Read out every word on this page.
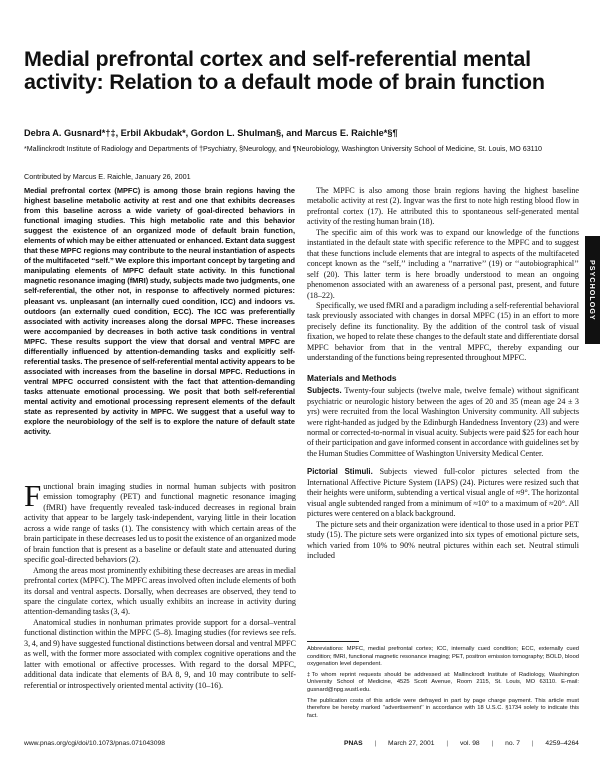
Medial prefrontal cortex and self-referential mental activity: Relation to a default mode of brain function
Debra A. Gusnard*†‡, Erbil Akbudak*, Gordon L. Shulman§, and Marcus E. Raichle*§¶
*Mallinckrodt Institute of Radiology and Departments of †Psychiatry, §Neurology, and ¶Neurobiology, Washington University School of Medicine, St. Louis, MO 63110
Contributed by Marcus E. Raichle, January 26, 2001

Medial prefrontal cortex (MPFC) is among those brain regions having the highest baseline metabolic activity at rest and one that exhibits decreases from this baseline across a wide variety of goal-directed behaviors in functional imaging studies. This high metabolic rate and this behavior suggest the existence of an organized mode of default brain function, elements of which may be either attenuated or enhanced. Extant data suggest that these MPFC regions may contribute to the neural instantiation of aspects of the multifaceted ‘‘self.’’ We explore this important concept by targeting and manipulating elements of MPFC default state activity. In this functional magnetic resonance imaging (fMRI) study, subjects made two judgments, one self-referential, the other not, in response to affectively normed pictures: pleasant vs. unpleasant (an internally cued condition, ICC) and indoors vs. outdoors (an externally cued condition, ECC). The ICC was preferentially associated with activity increases along the dorsal MPFC. These increases were accompanied by decreases in both active task conditions in ventral MPFC. These results support the view that dorsal and ventral MPFC are differentially influenced by attention-demanding tasks and explicitly self-referential tasks. The presence of self-referential mental activity appears to be associated with increases from the baseline in dorsal MPFC. Reductions in ventral MPFC occurred consistent with the fact that attention-demanding tasks attenuate emotional processing. We posit that both self-referential mental activity and emotional processing represent elements of the default state as represented by activity in MPFC. We suggest that a useful way to explore the neurobiology of the self is to explore the nature of default state activity.

Functional brain imaging studies in normal human subjects with positron emission tomography (PET) and functional magnetic resonance imaging (fMRI) have frequently revealed task-induced decreases in regional brain activity that appear to be largely task-independent, varying little in their location across a wide range of tasks (1). The consistency with which certain areas of the brain participate in these decreases led us to posit the existence of an organized mode of brain function that is present as a baseline or default state and attenuated during specific goal-directed behaviors (2).

Among the areas most prominently exhibiting these decreases are areas in medial prefrontal cortex (MPFC). The MPFC areas involved often include elements of both its dorsal and ventral aspects. Dorsally, when decreases are observed, they tend to spare the cingulate cortex, which usually exhibits an increase in activity during attention-demanding tasks (3, 4).

Anatomical studies in nonhuman primates provide support for a dorsal–ventral functional distinction within the MPFC (5–8). Imaging studies (for reviews see refs. 3, 4, and 9) have suggested functional distinctions between dorsal and ventral MPFC as well, with the former more associated with complex cognitive operations and the latter with emotional or affective processes. With regard to the dorsal MPFC, additional data indicate that elements of BA 8, 9, and 10 may contribute to self-referential or introspectively oriented mental activity (10–16).

The MPFC is also among those brain regions having the highest baseline metabolic activity at rest (2). Ingvar was the first to note high resting blood flow in prefrontal cortex (17). He attributed this to spontaneous self-generated mental activity of the resting human brain (18).

The specific aim of this work was to expand our knowledge of the functions instantiated in the default state with specific reference to the MPFC and to suggest that these functions include elements that are integral to aspects of the multifaceted concept known as the ‘‘self,’’ including a ‘‘narrative’’ (19) or ‘‘autobiographical’’ self (20). This latter term is here broadly understood to mean an ongoing phenomenon associated with an awareness of a personal past, present, and future (18–22).

Specifically, we used fMRI and a paradigm including a self-referential behavioral task previously associated with changes in dorsal MPFC (15) in an effort to more precisely define its functionality. By the addition of the control task of visual fixation, we hoped to relate these changes to the default state and differentiate dorsal MPFC behavior from that in the ventral MPFC, thereby expanding our understanding of the functions being represented throughout MPFC.

Materials and Methods

Subjects. Twenty-four subjects (twelve male, twelve female) without significant psychiatric or neurologic history between the ages of 20 and 35 (mean age 24 ± 3 yrs) were recruited from the local Washington University community. All subjects were right-handed as judged by the Edinburgh Handedness Inventory (23) and were normal or corrected-to-normal in visual acuity. Subjects were paid $25 for each hour of their participation and gave informed consent in accordance with guidelines set by the Human Studies Committee of Washington University Medical Center.

Pictorial Stimuli. Subjects viewed full-color pictures selected from the International Affective Picture System (IAPS) (24). Pictures were resized such that their heights were uniform, subtending a vertical visual angle of ≈9°. The horizontal visual angle subtended ranged from a minimum of ≈10° to a maximum of ≈20°. All pictures were centered on a black background.

The picture sets and their organization were identical to those used in a prior PET study (15). The picture sets were organized into six types of emotional picture sets, which varied from 10% to 90% neutral pictures within each set. Neutral stimuli included

Abbreviations: MPFC, medial prefrontal cortex; ICC, internally cued condition; ECC, externally cued condition; fMRI, functional magnetic resonance imaging; PET, positron emission tomography; BOLD, blood oxygenation level dependent.

‡To whom reprint requests should be addressed at: Mallinckrodt Institute of Radiology, Washington University School of Medicine, 4525 Scott Avenue, Room 2115, St. Louis, MO 63110. E-mail: gusnard@npg.wustl.edu.

The publication costs of this article were defrayed in part by page charge payment. This article must therefore be hereby marked ‘‘advertisement’’ in accordance with 18 U.S.C. §1734 solely to indicate this fact.

PSYCHOLOGY
www.pnas.org/cgi/doi/10.1073/pnas.071043098	PNAS | March 27, 2001 | vol. 98 | no. 7 | 4259–4264
